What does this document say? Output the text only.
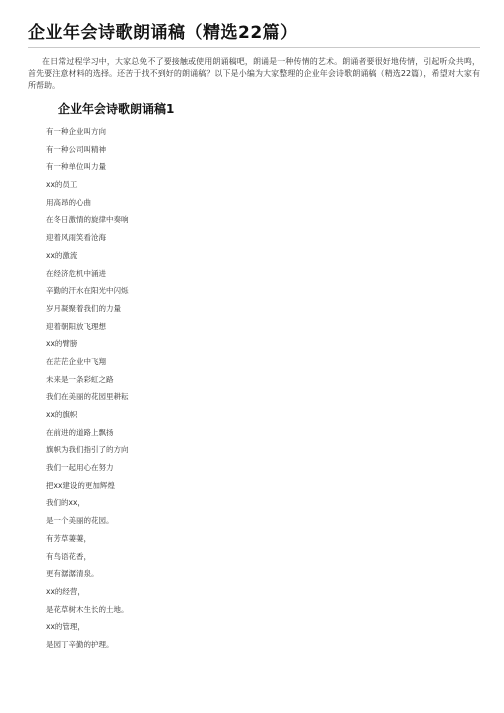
企业年会诗歌朗诵稿（精选22篇）

在日常过程学习中，大家总免不了要接触或使用朗诵稿吧，朗诵是一种传情的艺术。朗诵者要很好地传情，引起听众共鸣，首先要注意材料的选择。还苦于找不到好的朗诵稿？以下是小编为大家整理的企业年会诗歌朗诵稿（精选22篇），希望对大家有所帮助。

企业年会诗歌朗诵稿1
有一种企业叫方向
有一种公司叫精神
有一种单位叫力量
xx的员工
用高昂的心曲
在冬日激情的旋律中奏响
迎着风雨笑看沧海
xx的激流
在经济危机中涌进
辛勤的汗水在阳光中闪烁
岁月凝聚着我们的力量
迎着朝阳放飞理想
xx的臂膀
在茫茫企业中飞翔
未来是一条彩虹之路
我们在美丽的花园里耕耘
xx的旗帜
在前进的道路上飘扬
旗帜为我们指引了的方向
我们一起用心在努力
把xx建设的更加辉煌
我们的xx，
是一个美丽的花园。
有芳草萋萋，
有鸟语花香，
更有潺潺清泉。
xx的经营，
是花草树木生长的土地。
xx的管理，
是园丁辛勤的护理。
